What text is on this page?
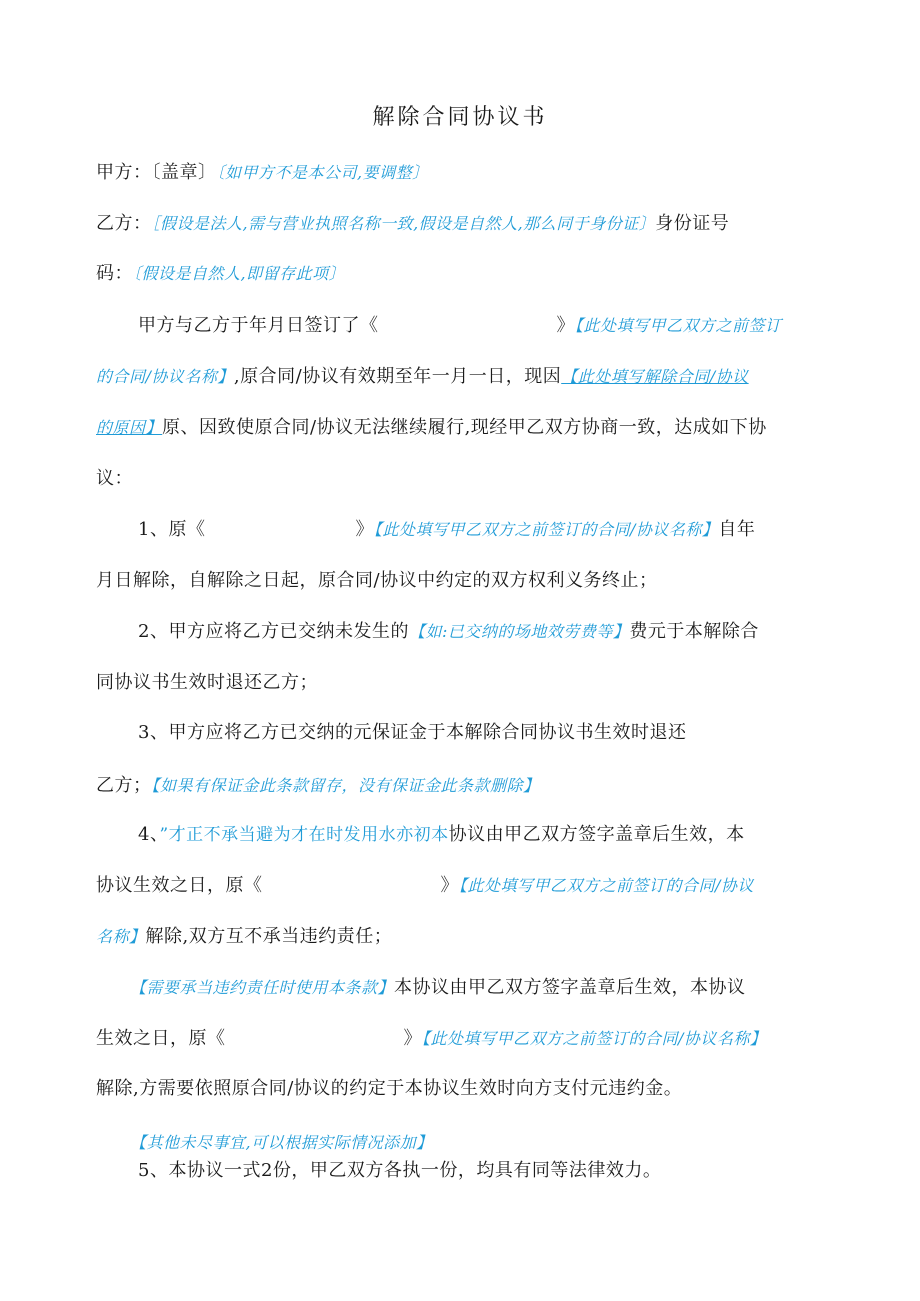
解除合同协议书
甲方：〔盖章〕〔如甲方不是本公司,要调整〕
乙方：［假设是法人,需与营业执照名称一致,假设是自然人,那么同于身份证〕身份证号
码：〔假设是自然人,即留存此项〕
甲方与乙方于年月日签订了《	》【此处填写甲乙双方之前签订
的合同/协议名称】,原合同/协议有效期至年一月一日，现因【此处填写解除合同/协议
的原因】原、因致使原合同/协议无法继续履行,现经甲乙双方协商一致，达成如下协
议：
1、原《	》【此处填写甲乙双方之前签订的合同/协议名称】自年
月日解除，自解除之日起，原合同/协议中约定的双方权利义务终止；
2、甲方应将乙方已交纳未发生的【如:已交纳的场地效劳费等】费元于本解除合
同协议书生效时退还乙方；
3、甲方应将乙方已交纳的元保证金于本解除合同协议书生效时退还
乙方；【如果有保证金此条款留存，没有保证金此条款删除】
4、”才正不承当避为才在时发用水亦初本协议由甲乙双方签字盖章后生效，本
协议生效之日，原《	》【此处填写甲乙双方之前签订的合同/协议
名称】解除,双方互不承当违约责任；
【需要承当违约责任时使用本条款】本协议由甲乙双方签字盖章后生效，本协议
生效之日，原《	》【此处填写甲乙双方之前签订的合同/协议名称】
解除,方需要依照原合同/协议的约定于本协议生效时向方支付元违约金。
【其他未尽事宜,可以根据实际情况添加】
5、本协议一式2份，甲乙双方各执一份，均具有同等法律效力。
